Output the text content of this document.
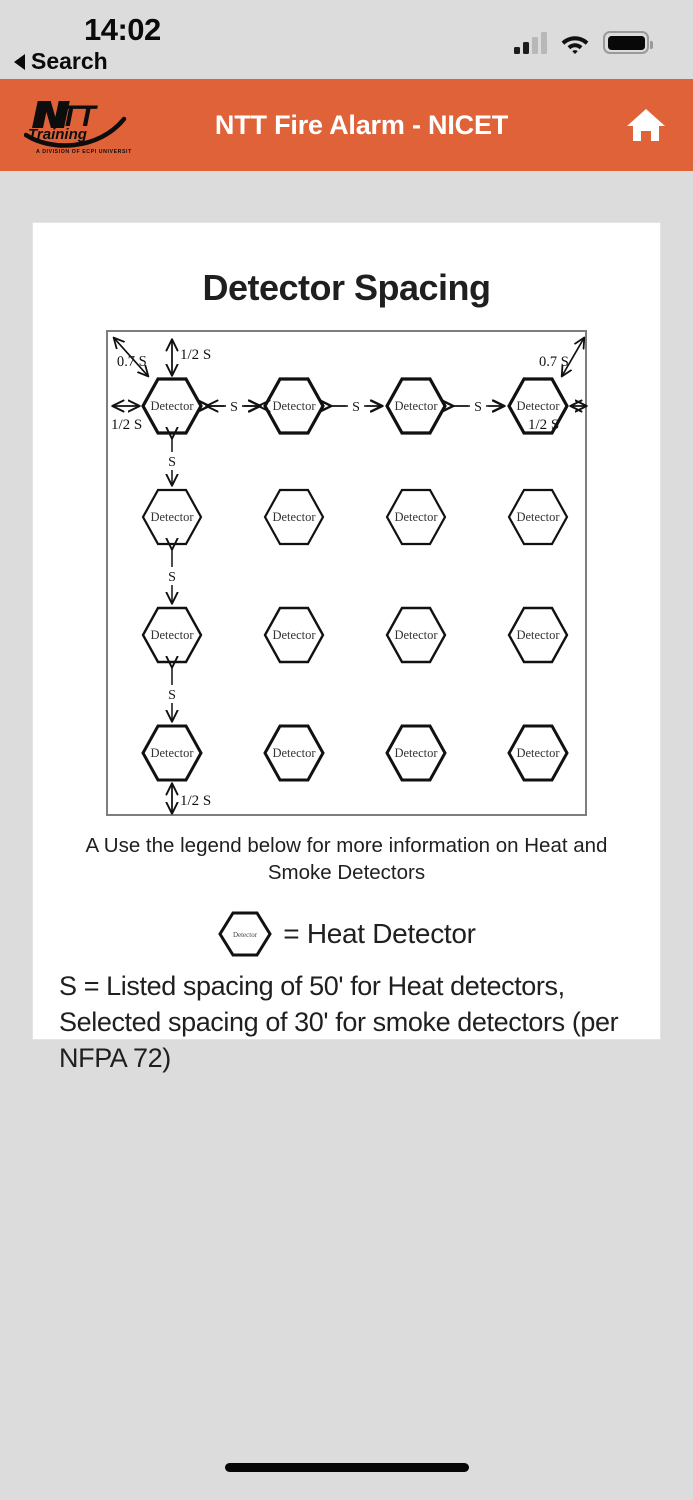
14:02
Search
TT
Training
A DIVISION OF ECPI UNIVERSITY
NTT Fire Alarm - NICET
Detector Spacing
Detector	Detector	Detector	Detector
Detector	Detector	Detector	Detector
Detector	Detector	Detector	Detector
Detector	Detector	Detector	Detector
S	S	S
S
S
S
1/2 S
1/2 S	1/2 S
1/2 S
0.7 S	0.7 S
A Use the legend below for more information on Heat and Smoke Detectors
Detector = Heat Detector
S = Listed spacing of 50' for Heat detectors, Selected spacing of 30' for smoke detectors (per NFPA 72)
